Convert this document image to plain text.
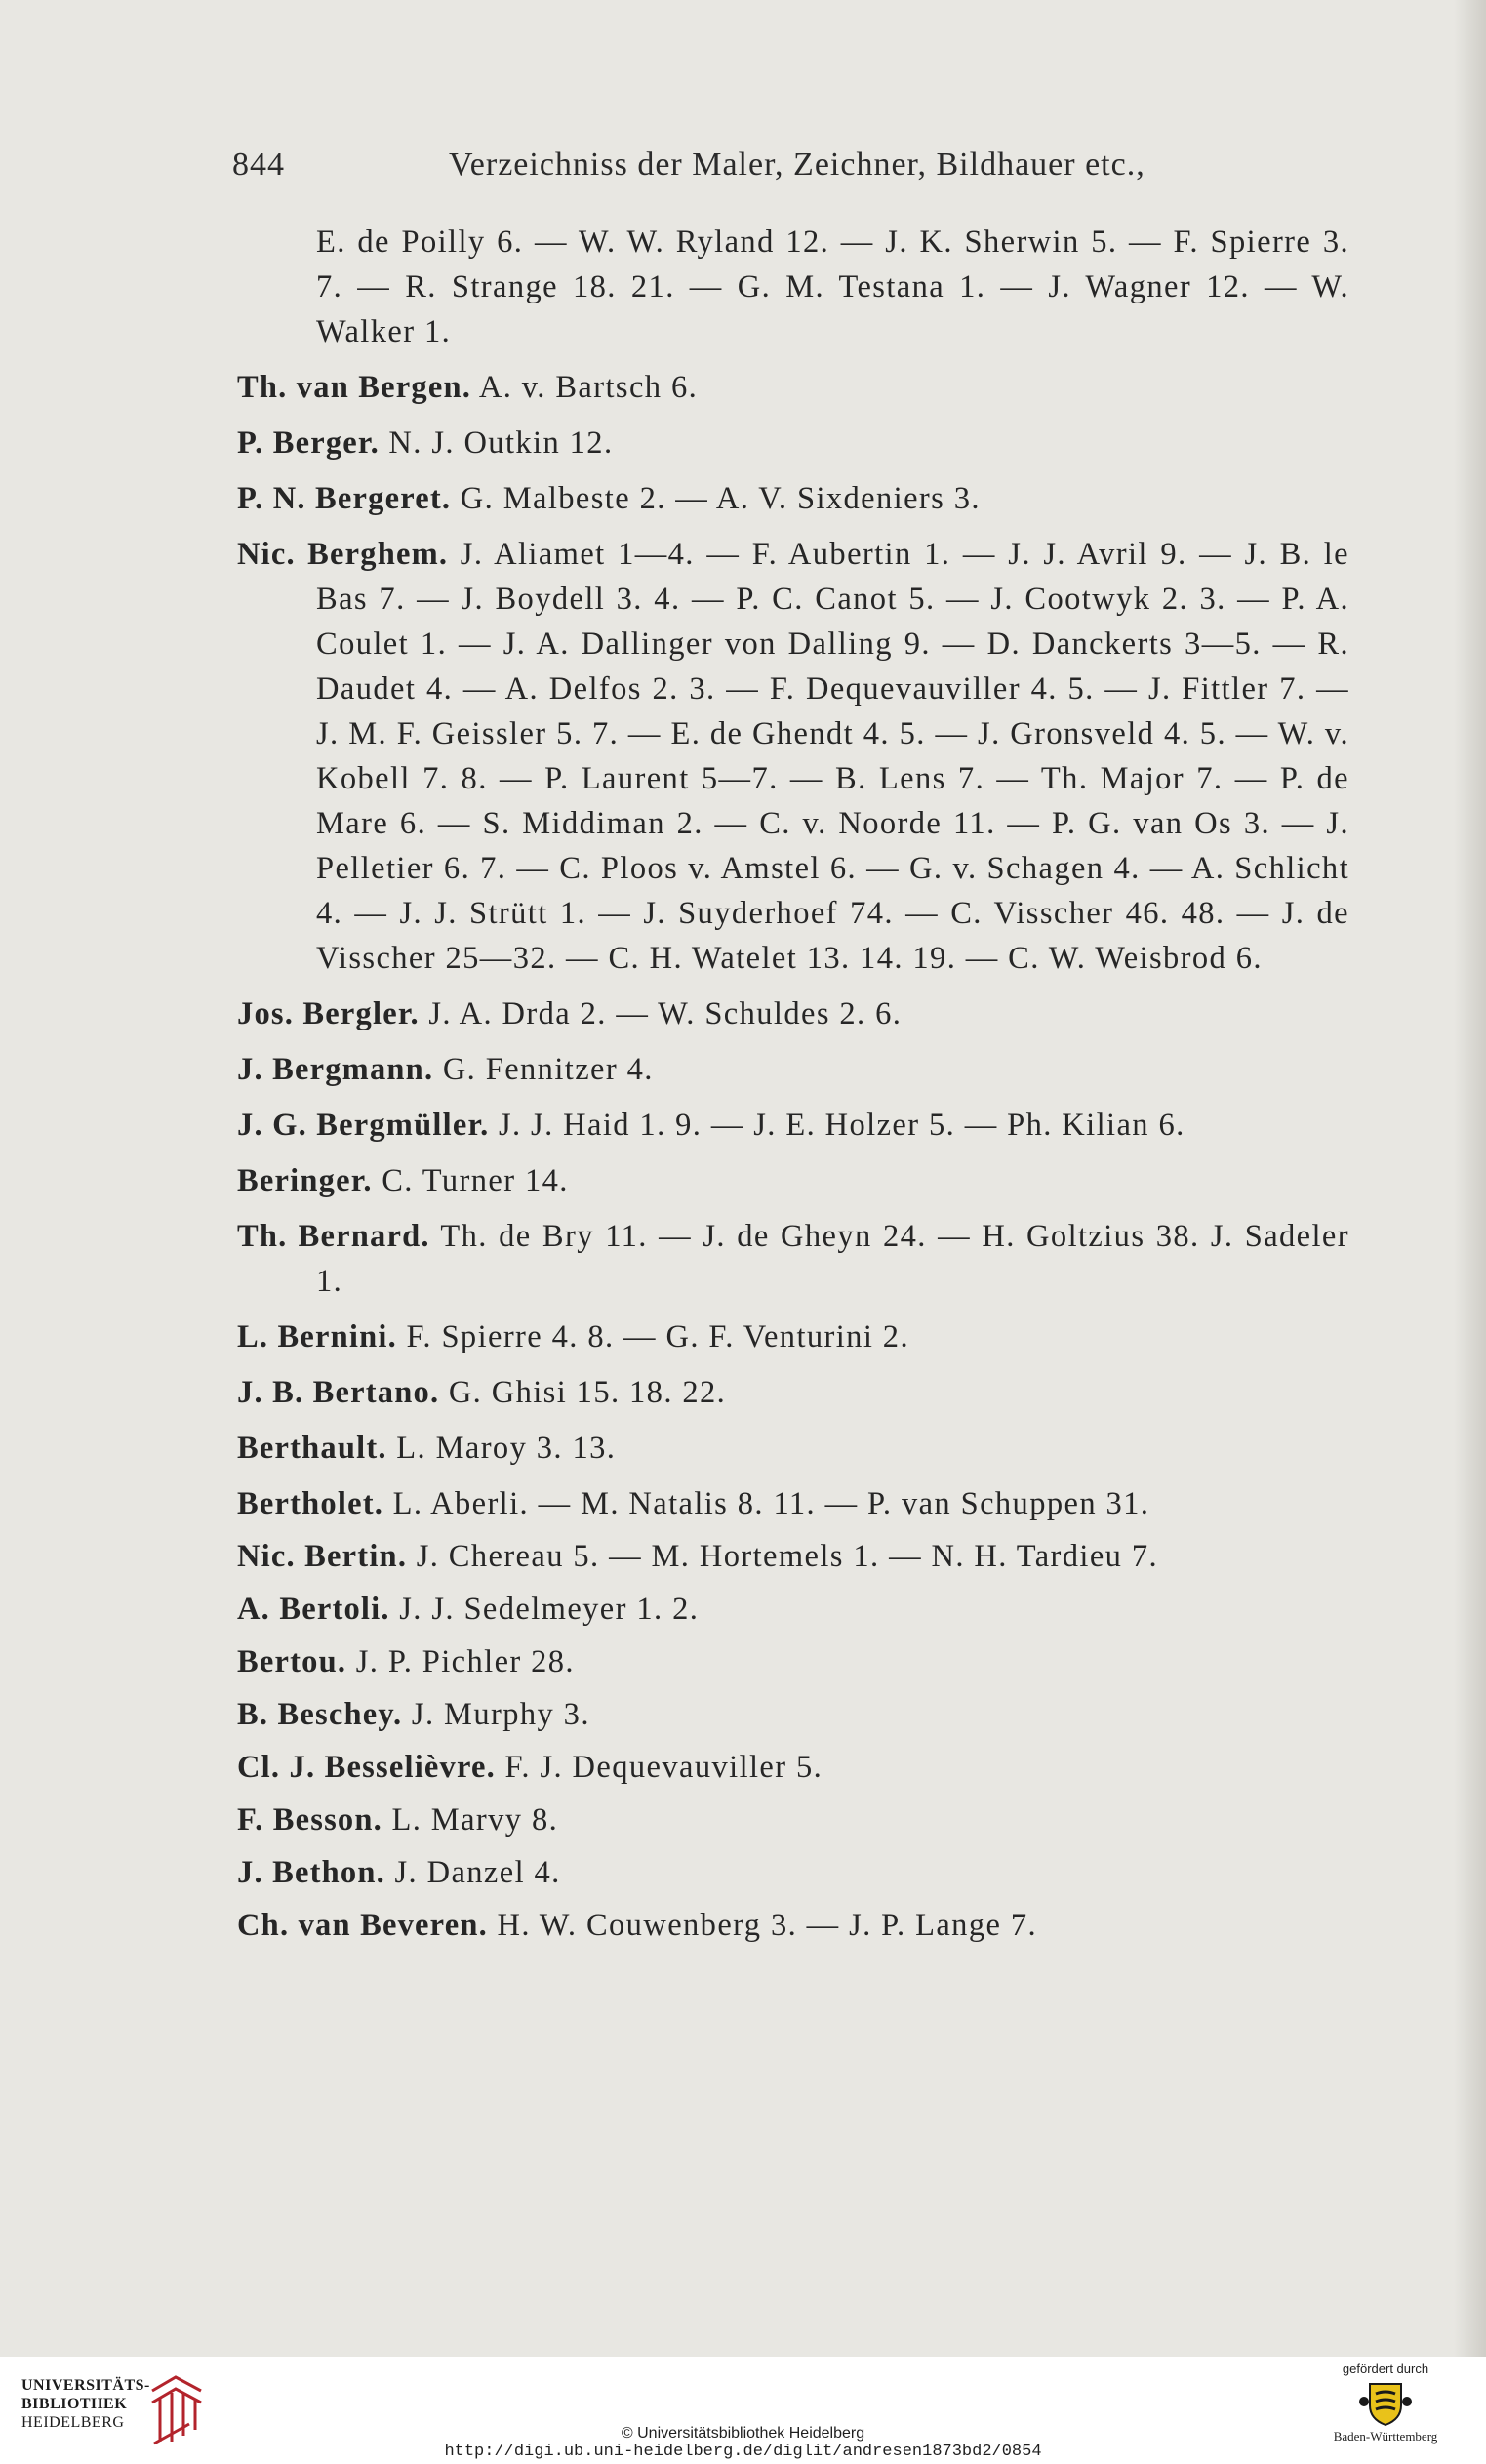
844	Verzeichniss der Maler, Zeichner, Bildhauer etc.,

E. de Poilly 6. — W. W. Ryland 12. — J. K. Sherwin 5. — F. Spierre 3. 7. — R. Strange 18. 21. — G. M. Testana 1. — J. Wagner 12. — W. Walker 1.

Th. van Bergen. A. v. Bartsch 6.

P. Berger. N. J. Outkin 12.

P. N. Bergeret. G. Malbeste 2. — A. V. Sixdeniers 3.

Nic. Berghem. J. Aliamet 1—4. — F. Aubertin 1. — J. J. Avril 9. — J. B. le Bas 7. — J. Boydell 3. 4. — P. C. Canot 5. — J. Cootwyk 2. 3. — P. A. Coulet 1. — J. A. Dallinger von Dalling 9. — D. Danckerts 3—5. — R. Daudet 4. — A. Delfos 2. 3. — F. Dequevauviller 4. 5. — J. Fittler 7. — J. M. F. Geissler 5. 7. — E. de Ghendt 4. 5. — J. Gronsveld 4. 5. — W. v. Kobell 7. 8. — P. Laurent 5—7. — B. Lens 7. — Th. Major 7. — P. de Mare 6. — S. Middiman 2. — C. v. Noorde 11. — P. G. van Os 3. — J. Pelletier 6. 7. — C. Ploos v. Amstel 6. — G. v. Schagen 4. — A. Schlicht 4. — J. J. Strütt 1. — J. Suyderhoef 74. — C. Visscher 46. 48. — J. de Visscher 25—32. — C. H. Watelet 13. 14. 19. — C. W. Weisbrod 6.

Jos. Bergler. J. A. Drda 2. — W. Schuldes 2. 6.

J. Bergmann. G. Fennitzer 4.

J. G. Bergmüller. J. J. Haid 1. 9. — J. E. Holzer 5. — Ph. Kilian 6.

Beringer. C. Turner 14.

Th. Bernard. Th. de Bry 11. — J. de Gheyn 24. — H. Goltzius 38. J. Sadeler 1.

L. Bernini. F. Spierre 4. 8. — G. F. Venturini 2.

J. B. Bertano. G. Ghisi 15. 18. 22.

Berthault. L. Maroy 3. 13.

Bertholet. L. Aberli. — M. Natalis 8. 11. — P. van Schuppen 31.

Nic. Bertin. J. Chereau 5. — M. Hortemels 1. — N. H. Tardieu 7.

A. Bertoli. J. J. Sedelmeyer 1. 2.

Bertou. J. P. Pichler 28.

B. Beschey. J. Murphy 3.

Cl. J. Besselièvre. F. J. Dequevauviller 5.

F. Besson. L. Marvy 8.

J. Bethon. J. Danzel 4.

Ch. van Beveren. H. W. Couwenberg 3. — J. P. Lange 7.

UNIVERSITÄTS-
BIBLIOTHEK
HEIDELBERG
© Universitätsbibliothek Heidelberg
http://digi.ub.uni-heidelberg.de/diglit/andresen1873bd2/0854
gefördert durch
Baden-Württemberg
